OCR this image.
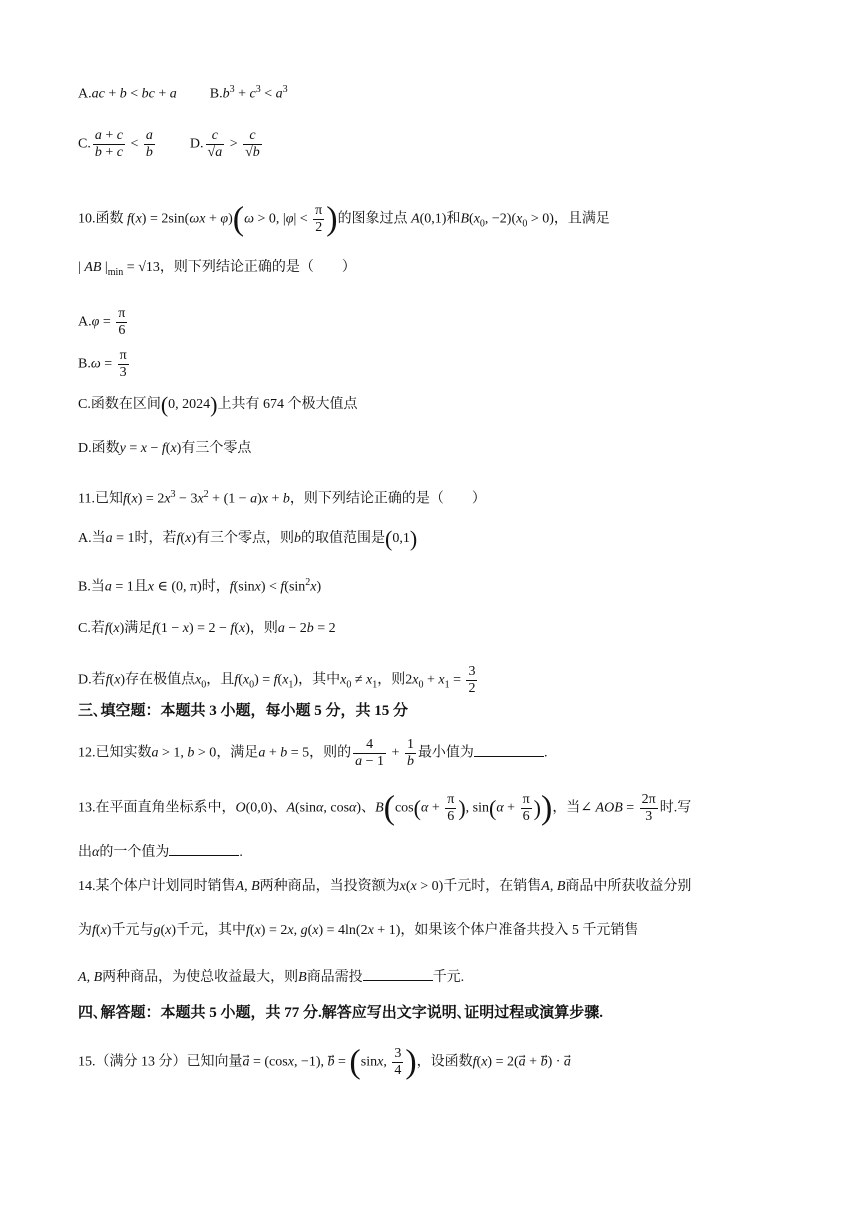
A.ac + b < bc + a $B.b^3 + c^3 < a^3$
C. $\frac{a + c}{b + c} < \frac{a}{b}$	D. $\frac{c}{√a} > \frac{c}{√b}$
10.函数 f(x) = 2sin(ωx + φ)(ω > 0, $|\varphi| < \frac{\pi}{2}$ )的图象过点 A(0,1)和$B(x_0$, $-2)(x_0 > 0)$，且满足
| AB $|_{min} = √13$，则下列结论正确的是（　　）
$A.\varphi = \frac{\pi}{6}$
$B.\omega = \frac{\pi}{3}$
C.函数在区间(0, 2024)上共有 674 个极大值点
D.函数y = x − f(x)有三个零点
11.已知$f(x) = 2x^3 - 3x^2 + (1 - a)x + b$，则下列结论正确的是（　　）
A.当a = 1时，若f(x)有三个零点，则b的取值范围是(0,1)
B.当a = 1且x ∈ (0, π)时，$f(\sin x) < f(\sin^2x)$
C.若f(x)满足f(1 − x) = 2 − f(x)，则a − 2b = 2
D.若f(x)存在极值点$x_0$，且$f(x_0) = f(x_1)$，其中$x_0 \ne x_1$，则$2x_0 + x_1 = \frac{3}{2}$
三､填空题：本题共 3 小题，每小题 5 分，共 15 分
12.已知实数a > 1, b > 0，满足a + b = 5，则的 $\frac{4}{a - 1} + \frac{1}{b}$ 最小值为	.
13.在平面直角坐标系中，O(0,0)、A(sinα, cosα)、$B(\cos(\alpha + \frac{\pi}{6}$ ), $\sin(\alpha + \frac{\pi}{6}$ ))，当∠ AOB = $\frac{2\pi}{3}$ 时.写
出α的一个值为	.
14.某个体户计划同时销售A, B两种商品，当投资额为x(x > 0)千元时，在销售A, B商品中所获收益分别
为f(x)千元与g(x)千元，其中f(x) = 2x, g(x) = 4ln(2x + 1)，如果该个体户准备共投入 5 千元销售
A, B两种商品，为使总收益最大，则B商品需投	千元.
四､解答题：本题共 5 小题，共 77 分.解答应写出文字说明､证明过程或演算步骤.
15.（满分 13 分）已知向量a⃗ = (cosx, −1), b⃗ = (sinx, $\frac{3}{4}$ )，设函数f(x) = 2(a⃗ + b⃗) · a
